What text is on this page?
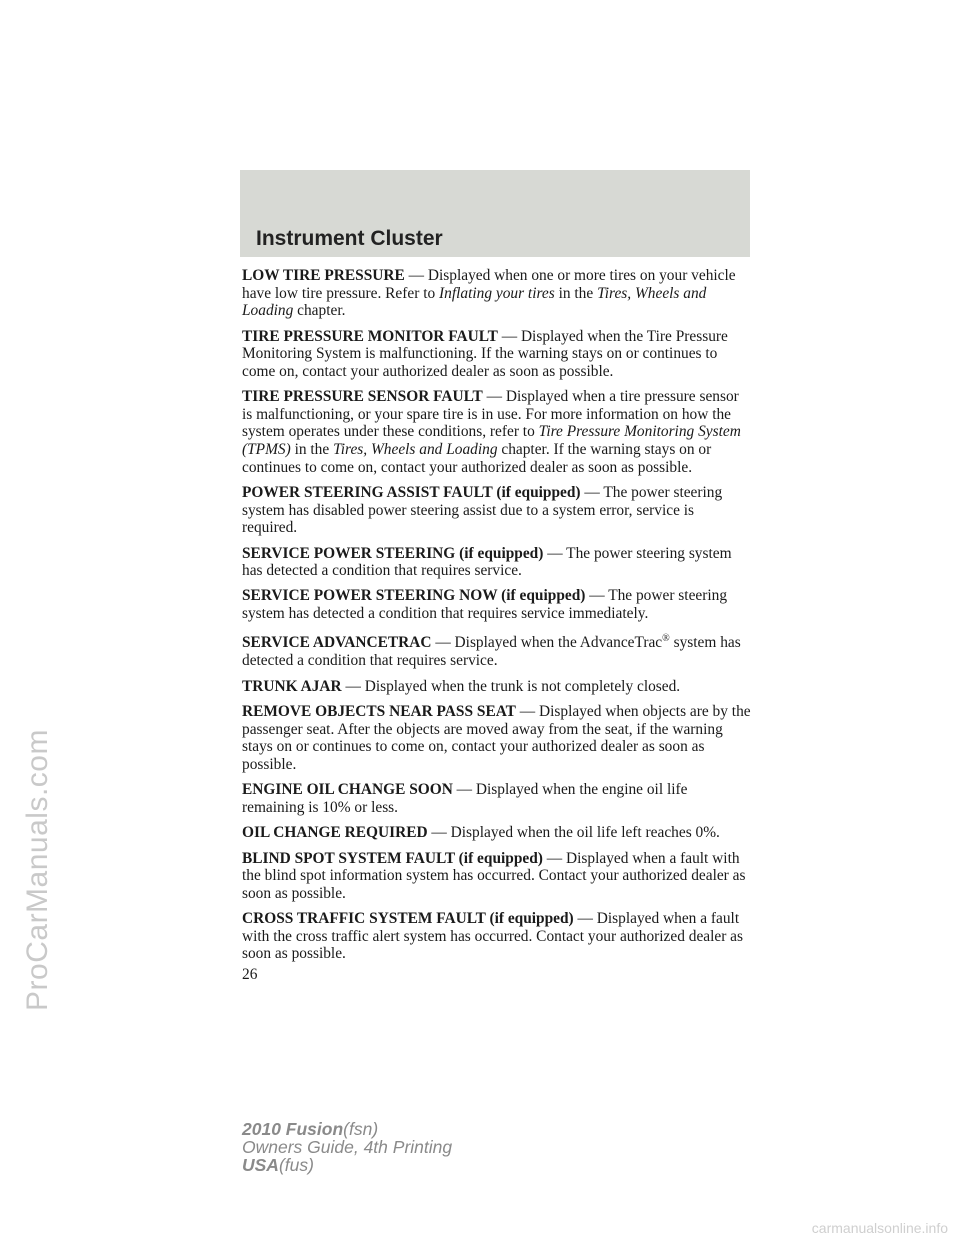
ProCarManuals.com
Instrument Cluster

LOW TIRE PRESSURE — Displayed when one or more tires on your vehicle have low tire pressure. Refer to Inflating your tires in the Tires, Wheels and Loading chapter.

TIRE PRESSURE MONITOR FAULT — Displayed when the Tire Pressure Monitoring System is malfunctioning. If the warning stays on or continues to come on, contact your authorized dealer as soon as possible.

TIRE PRESSURE SENSOR FAULT — Displayed when a tire pressure sensor is malfunctioning, or your spare tire is in use. For more information on how the system operates under these conditions, refer to Tire Pressure Monitoring System (TPMS) in the Tires, Wheels and Loading chapter. If the warning stays on or continues to come on, contact your authorized dealer as soon as possible.

POWER STEERING ASSIST FAULT (if equipped) — The power steering system has disabled power steering assist due to a system error, service is required.

SERVICE POWER STEERING (if equipped) — The power steering system has detected a condition that requires service.

SERVICE POWER STEERING NOW (if equipped) — The power steering system has detected a condition that requires service immediately.

SERVICE ADVANCETRAC — Displayed when the AdvanceTrac® system has detected a condition that requires service.

TRUNK AJAR — Displayed when the trunk is not completely closed.

REMOVE OBJECTS NEAR PASS SEAT — Displayed when objects are by the passenger seat. After the objects are moved away from the seat, if the warning stays on or continues to come on, contact your authorized dealer as soon as possible.

ENGINE OIL CHANGE SOON — Displayed when the engine oil life remaining is 10% or less.

OIL CHANGE REQUIRED — Displayed when the oil life left reaches 0%.

BLIND SPOT SYSTEM FAULT (if equipped) — Displayed when a fault with the blind spot information system has occurred. Contact your authorized dealer as soon as possible.

CROSS TRAFFIC SYSTEM FAULT (if equipped) — Displayed when a fault with the cross traffic alert system has occurred. Contact your authorized dealer as soon as possible.

26
2010 Fusion(fsn)
Owners Guide, 4th Printing
USA(fus)
carmanualsonline.info
